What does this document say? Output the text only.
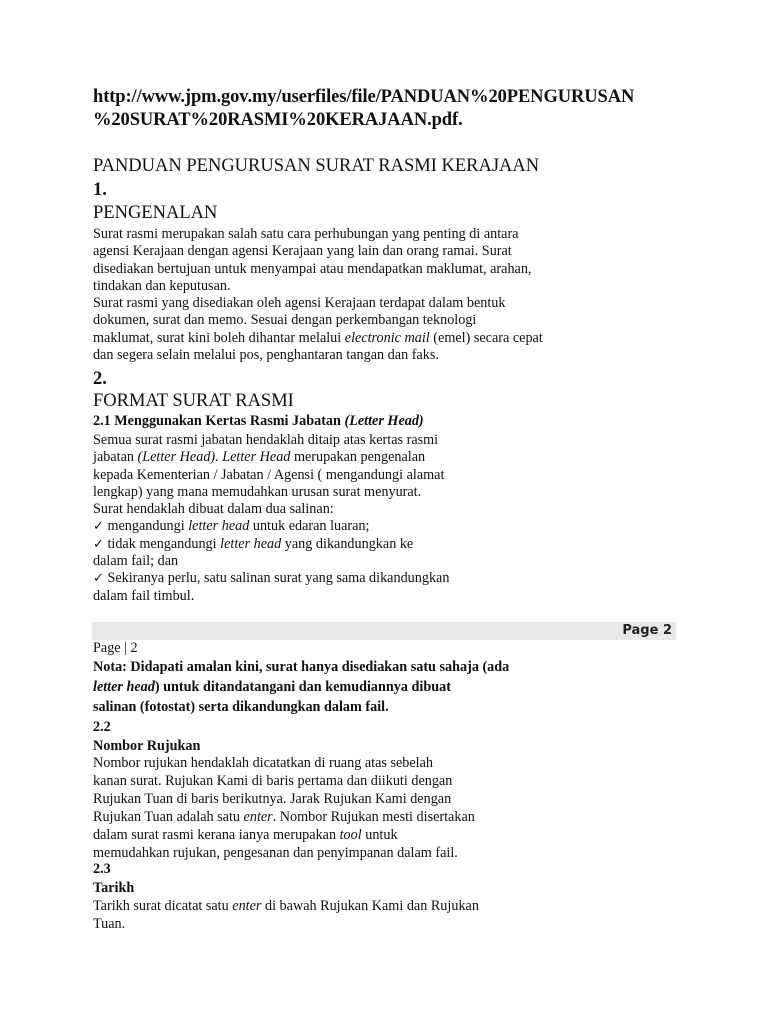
http://www.jpm.gov.my/userfiles/file/PANDUAN%20PENGURUSAN
%20SURAT%20RASMI%20KERAJAAN.pdf.
PANDUAN PENGURUSAN SURAT RASMI KERAJAAN
1.
PENGENALAN

Surat rasmi merupakan salah satu cara perhubungan yang penting di antara

agensi Kerajaan dengan agensi Kerajaan yang lain dan orang ramai. Surat

disediakan bertujuan untuk menyampai atau mendapatkan maklumat, arahan,

tindakan dan keputusan.

Surat rasmi yang disediakan oleh agensi Kerajaan terdapat dalam bentuk

dokumen, surat dan memo. Sesuai dengan perkembangan teknologi

maklumat, surat kini boleh dihantar melalui electronic mail (emel) secara cepat

dan segera selain melalui pos, penghantaran tangan dan faks.

2.
FORMAT SURAT RASMI
2.1 Menggunakan Kertas Rasmi Jabatan (Letter Head)

Semua surat rasmi jabatan hendaklah ditaip atas kertas rasmi

jabatan (Letter Head). Letter Head merupakan pengenalan

kepada Kementerian / Jabatan / Agensi ( mengandungi alamat

lengkap) yang mana memudahkan urusan surat menyurat.

Surat hendaklah dibuat dalam dua salinan:

✓ mengandungi letter head untuk edaran luaran;

✓ tidak mengandungi letter head yang dikandungkan ke

dalam fail; dan

✓ Sekiranya perlu, satu salinan surat yang sama dikandungkan

dalam fail timbul.

Page 2
Page | 2

Nota: Didapati amalan kini, surat hanya disediakan satu sahaja (ada

letter head) untuk ditandatangani dan kemudiannya dibuat

salinan (fotostat) serta dikandungkan dalam fail.

2.2
Nombor Rujukan

Nombor rujukan hendaklah dicatatkan di ruang atas sebelah

kanan surat. Rujukan Kami di baris pertama dan diikuti dengan

Rujukan Tuan di baris berikutnya. Jarak Rujukan Kami dengan

Rujukan Tuan adalah satu enter. Nombor Rujukan mesti disertakan

dalam surat rasmi kerana ianya merupakan tool untuk

memudahkan rujukan, pengesanan dan penyimpanan dalam fail.

2.3
Tarikh

Tarikh surat dicatat satu enter di bawah Rujukan Kami dan Rujukan

Tuan.
